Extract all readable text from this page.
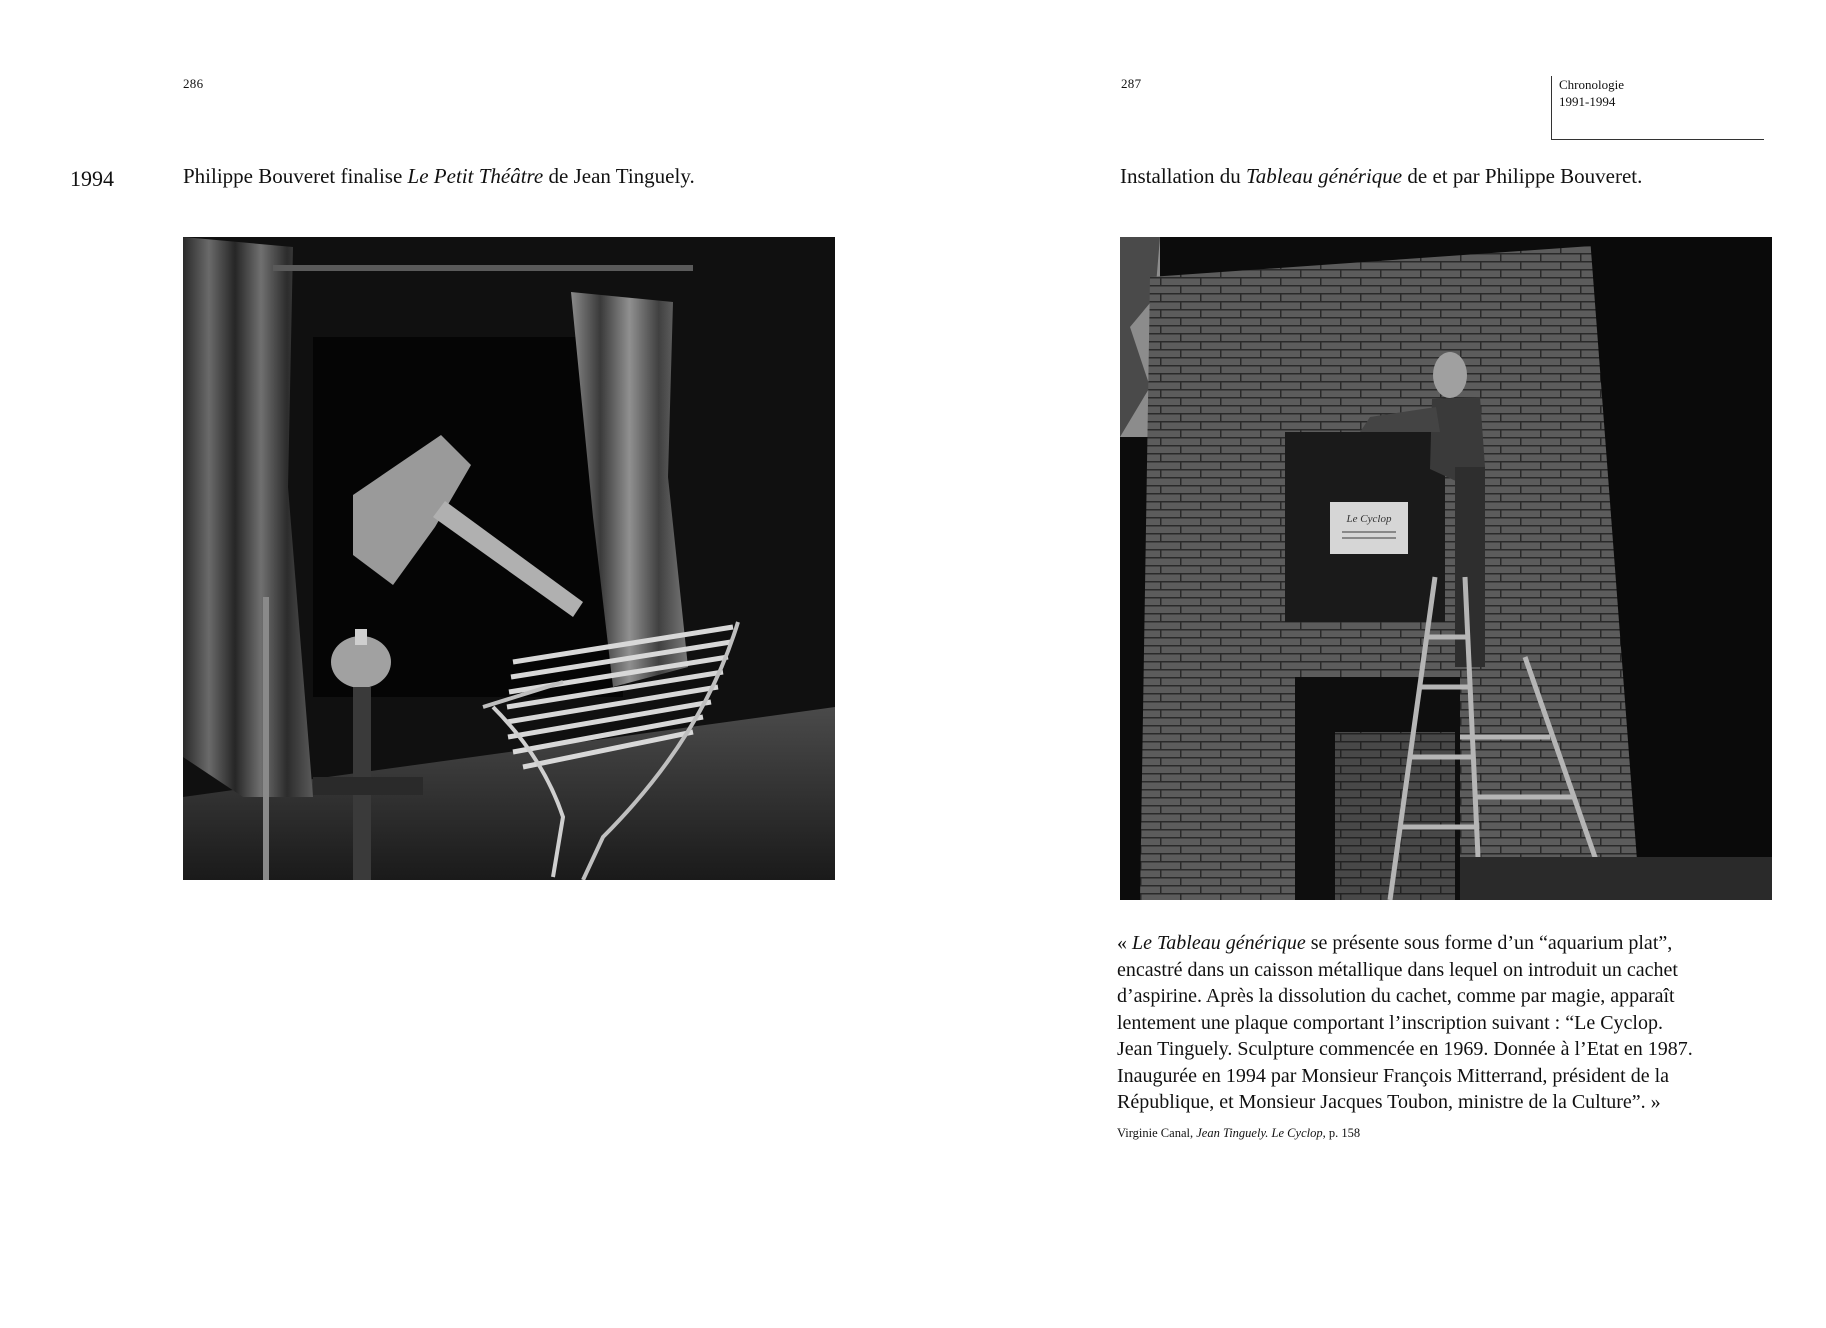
286
1994	Philippe Bouveret finalise Le Petit Théâtre de Jean Tinguely.
287	Chronologie
1991-1994
Installation du Tableau générique de et par Philippe Bouveret.
Le Cyclop
« Le Tableau générique se présente sous forme d’un “aquarium plat”,
encastré dans un caisson métallique dans lequel on introduit un cachet
d’aspirine. Après la dissolution du cachet, comme par magie, apparaît
lentement une plaque comportant l’inscription suivant : “Le Cyclop.
Jean Tinguely. Sculpture commencée en 1969. Donnée à l’Etat en 1987.
Inaugurée en 1994 par Monsieur François Mitterrand, président de la
République, et Monsieur Jacques Toubon, ministre de la Culture”. »
Virginie Canal, Jean Tinguely. Le Cyclop, p. 158
